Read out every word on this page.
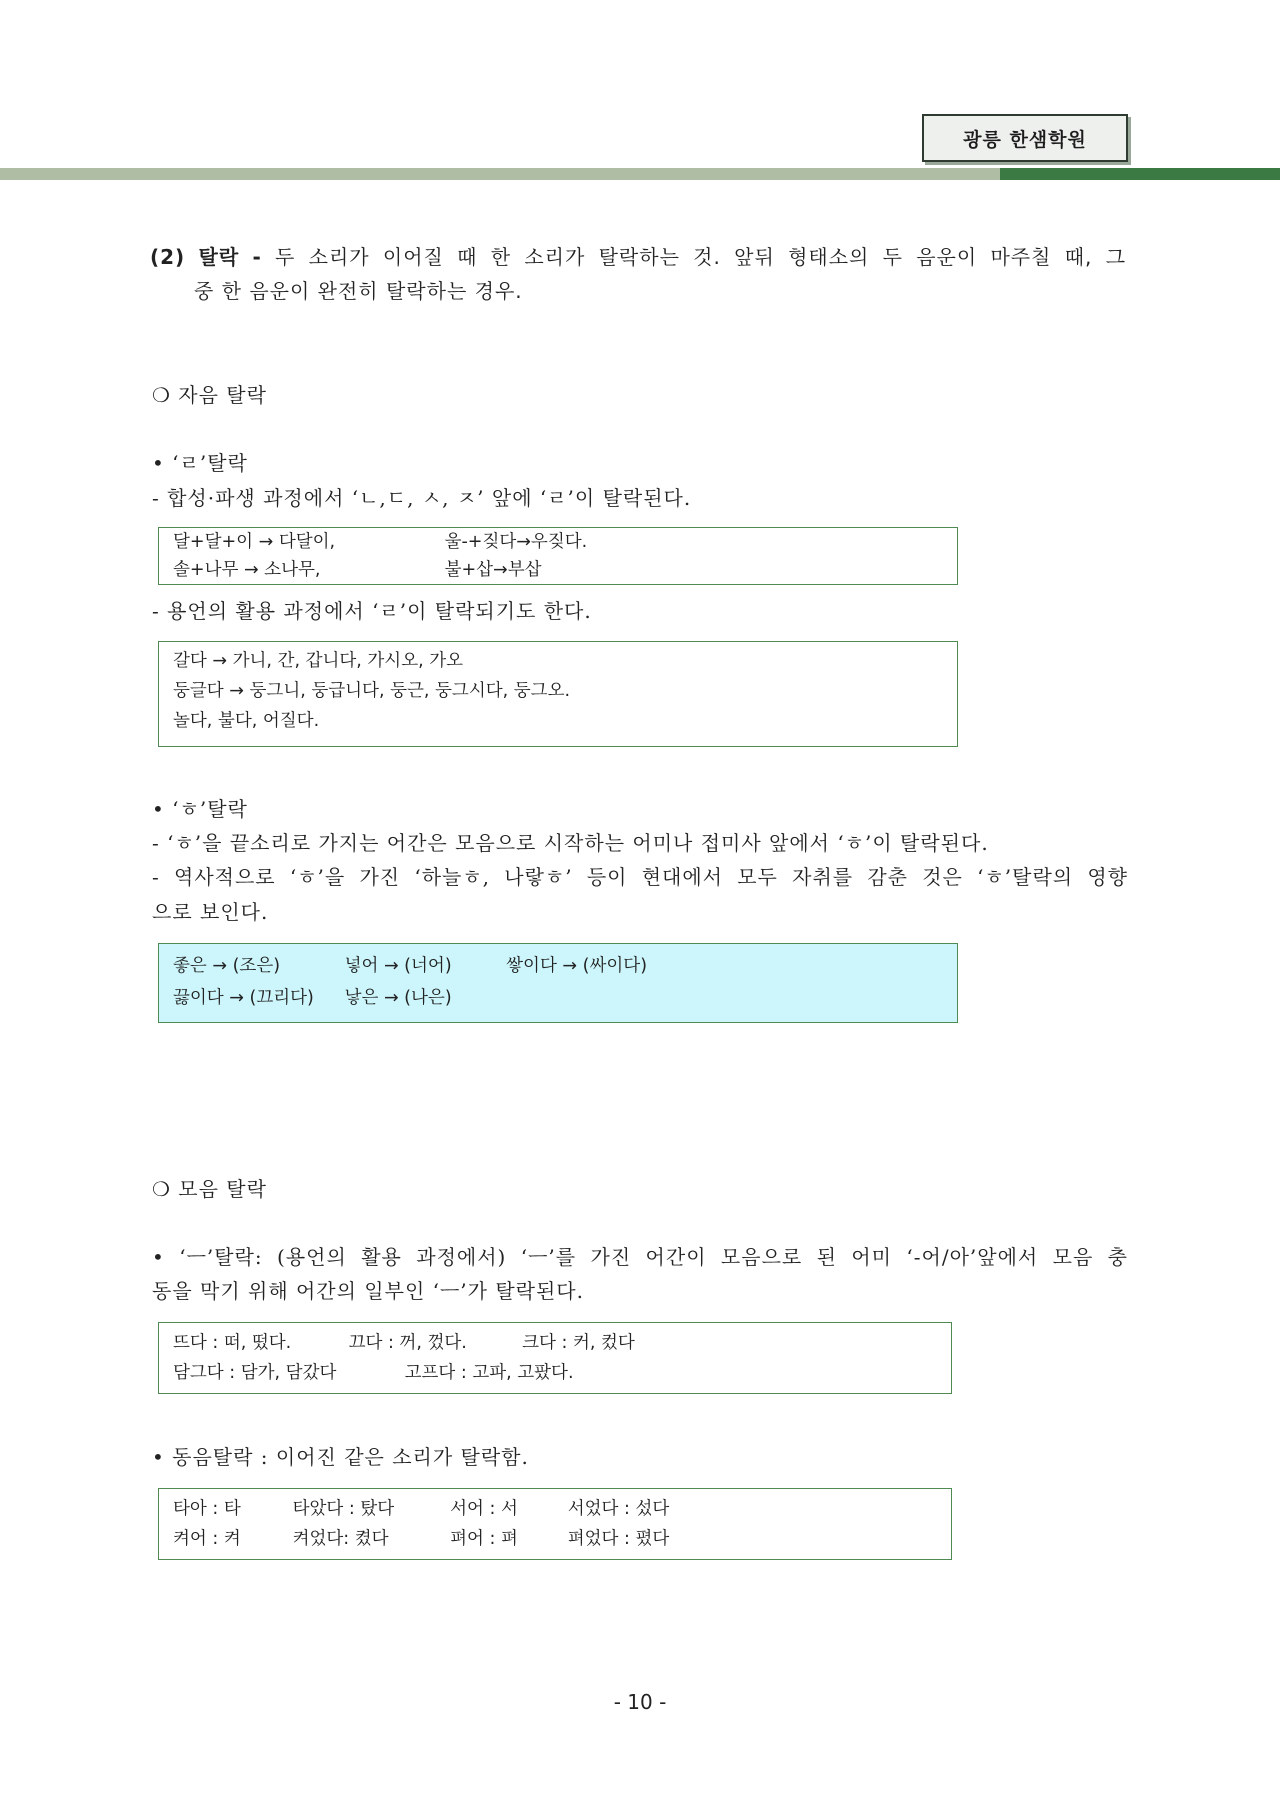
광릉 한샘학원
(2) 탈락 - 두 소리가 이어질 때 한 소리가 탈락하는 것. 앞뒤 형태소의 두 음운이 마주칠 때, 그
중 한 음운이 완전히 탈락하는 경우.
❍ 자음 탈락
• ‘ㄹ’탈락
- 합성·파생 과정에서 ‘ㄴ,ㄷ, ㅅ, ㅈ’ 앞에 ‘ㄹ’이 탈락된다.
달+달+이 → 다달이,	울-+짖다→우짖다.
솔+나무 → 소나무,	불+삽→부삽
- 용언의 활용 과정에서 ‘ㄹ’이 탈락되기도 한다.
갈다 → 가니, 간, 갑니다, 가시오, 가오
둥글다 → 둥그니, 둥급니다, 둥근, 둥그시다, 둥그오.
놀다, 불다, 어질다.
• ‘ㅎ’탈락
- ‘ㅎ’을 끝소리로 가지는 어간은 모음으로 시작하는 어미나 접미사 앞에서 ‘ㅎ’이 탈락된다.
- 역사적으로 ‘ㅎ’을 가진 ‘하늘ㅎ, 나랗ㅎ’ 등이 현대에서 모두 자취를 감춘 것은 ‘ㅎ’탈락의 영향
으로 보인다.
좋은 → (조은)	넣어 → (너어)	쌓이다 → (싸이다)
끓이다 → (끄리다) 낳은 → (나은)
❍ 모음 탈락
• ‘ㅡ’탈락: (용언의 활용 과정에서) ‘ㅡ’를 가진 어간이 모음으로 된 어미 ‘-어/아’앞에서 모음 충
동을 막기 위해 어간의 일부인 ‘ㅡ’가 탈락된다.
뜨다 : 떠, 떴다.	끄다 : 꺼, 껐다.	크다 : 커, 컸다
담그다 : 담가, 담갔다	고프다 : 고파, 고팠다.
• 동음탈락 : 이어진 같은 소리가 탈락함.
타아 : 타	타았다 : 탔다	서어 : 서	서었다 : 섰다
켜어 : 켜	켜었다: 켰다	펴어 : 펴	펴었다 : 폈다
- 10 -
